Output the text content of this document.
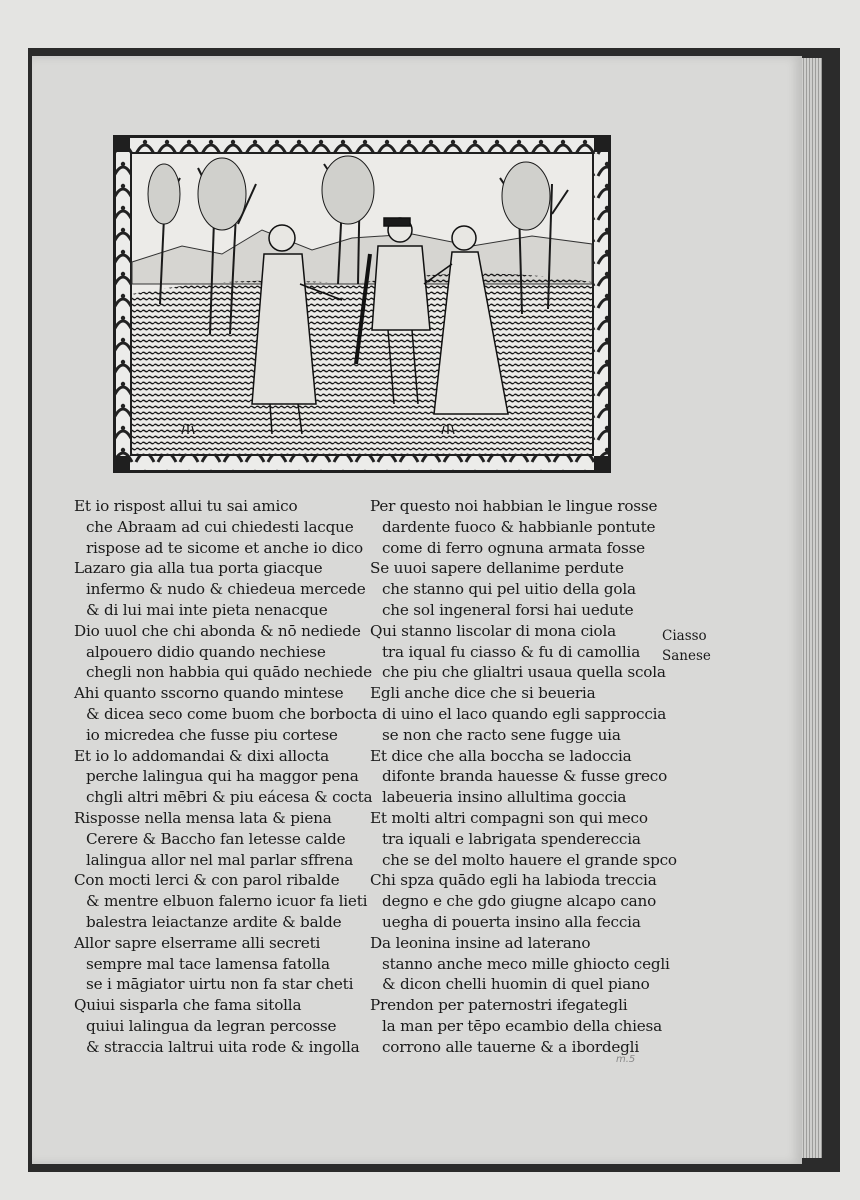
Et io rispost allui tu sai amico
che Abraam ad cui chiedesti lacque
rispose ad te sicome et anche io dico
Lazaro gia alla tua porta giacque
infermo & nudo & chiedeua mercede
& di lui mai inte pieta nenacque
Dio uuol che chi abonda & nō nediede
alpouero didio quando nechiese
chegli non habbia qui quādo nechiede
Ahi quanto sscorno quando mintese
& dicea seco come buom che borbocta
io micredea che fusse piu cortese
Et io lo addomandai & dixi allocta
perche lalingua qui ha maggor pena
chgli altri mēbri & piu eácesa & cocta
Risposse nella mensa lata & piena
Cerere & Baccho fan letesse calde
lalingua allor nel mal parlar sffrena
Con mocti lerci & con parol ribalde
& mentre elbuon falerno icuor fa lieti
balestra leiactanze ardite & balde
Allor sapre elserrame alli secreti
sempre mal tace lamensa fatolla
se i māgiator uirtu non fa star cheti
Quiui sisparla che fama sitolla
quiui lalingua da legran percosse
& straccia laltrui uita rode & ingolla
Per questo noi habbian le lingue rosse
dardente fuoco & habbianle pontute
come di ferro ognuna armata fosse
Se uuoi sapere dellanime perdute
che stanno qui pel uitio della gola
che sol ingeneral forsi hai uedute
Qui stanno liscolar di mona ciola
tra iqual fu ciasso & fu di camollia
che piu che glialtri usaua quella scola
Egli anche dice che si beueria
di uino el laco quando egli sapproccia
se non che racto sene fugge uia
Et dice che alla boccha se ladoccia
difonte branda hauesse & fusse greco
labeueria insino allultima goccia
Et molti altri compagni son qui meco
tra iquali e labrigata spendereccia
che se del molto hauere el grande spco
Chi spza quādo egli ha labioda treccia
degno e che gdo giugne alcapo cano
uegha di pouerta insino alla feccia
Da leonina insine ad laterano
stanno anche meco mille ghiocto cegli
& dicon chelli huomin di quel piano
Prendon per paternostri ifegategli
la man per tēpo ecambio della chiesa
corrono alle tauerne & a ibordegli
Ciasso
Sanese
m.5
